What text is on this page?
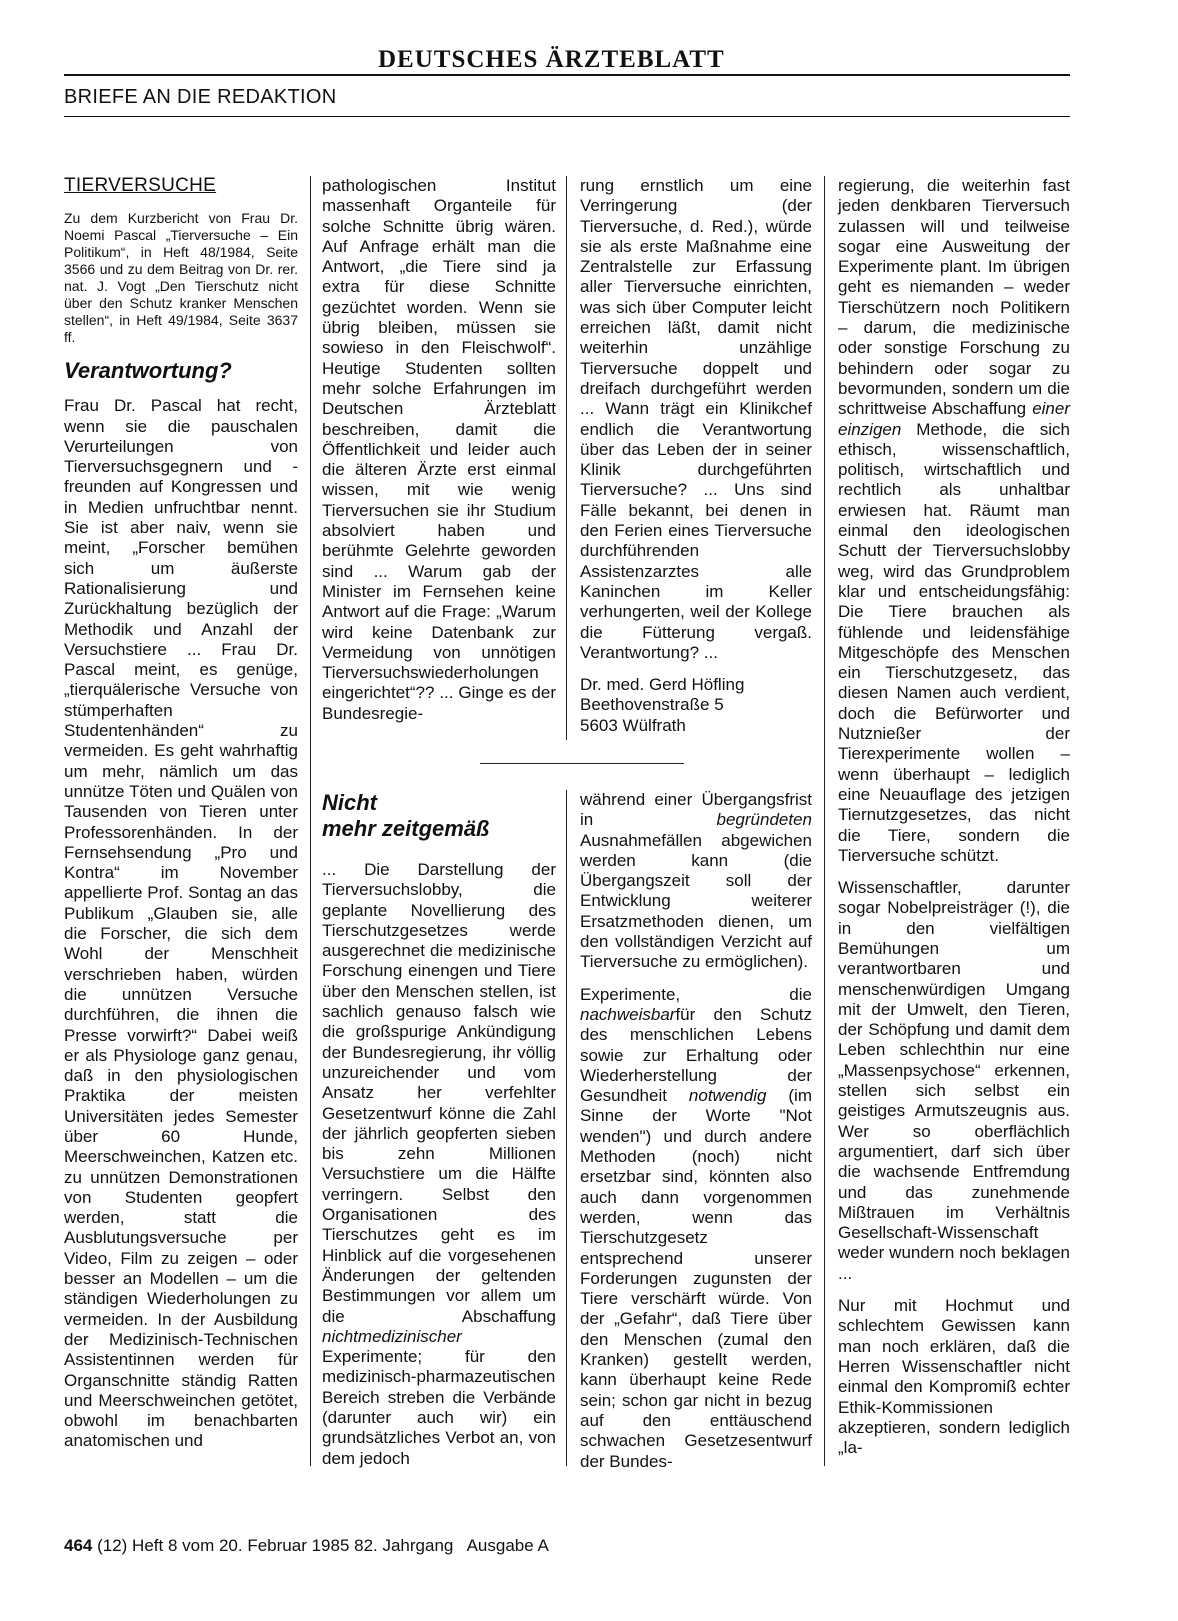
DEUTSCHES ÄRZTEBLATT
BRIEFE AN DIE REDAKTION
TIERVERSUCHE

Zu dem Kurzbericht von Frau Dr. Noemi Pascal „Tierversuche – Ein Politikum“, in Heft 48/1984, Seite 3566 und zu dem Beitrag von Dr. rer. nat. J. Vogt „Den Tierschutz nicht über den Schutz kranker Menschen stellen“, in Heft 49/1984, Seite 3637 ff.

Verantwortung?

Frau Dr. Pascal hat recht, wenn sie die pauschalen Verurteilungen von Tierversuchsgegnern und -freunden auf Kongressen und in Medien unfruchtbar nennt. Sie ist aber naiv, wenn sie meint, „Forscher bemühen sich um äußerste Rationalisierung und Zurückhaltung bezüglich der Methodik und Anzahl der Versuchstiere ... Frau Dr. Pascal meint, es genüge, „tierquälerische Versuche von stümperhaften Studentenhänden“ zu vermeiden. Es geht wahrhaftig um mehr, nämlich um das unnütze Töten und Quälen von Tausenden von Tieren unter Professorenhänden. In der Fernsehsendung „Pro und Kontra“ im November appellierte Prof. Sontag an das Publikum „Glauben sie, alle die Forscher, die sich dem Wohl der Menschheit verschrieben haben, würden die unnützen Versuche durchführen, die ihnen die Presse vorwirft?“ Dabei weiß er als Physiologe ganz genau, daß in den physiologischen Praktika der meisten Universitäten jedes Semester über 60 Hunde, Meerschweinchen, Katzen etc. zu unnützen Demonstrationen von Studenten geopfert werden, statt die Ausblutungsversuche per Video, Film zu zeigen – oder besser an Modellen – um die ständigen Wiederholungen zu vermeiden. In der Ausbildung der Medizinisch-Technischen Assistentinnen werden für Organschnitte ständig Ratten und Meerschweinchen getötet, obwohl im benachbarten anatomischen und

pathologischen Institut massenhaft Organteile für solche Schnitte übrig wären. Auf Anfrage erhält man die Antwort, „die Tiere sind ja extra für diese Schnitte gezüchtet worden. Wenn sie übrig bleiben, müssen sie sowieso in den Fleischwolf“. Heutige Studenten sollten mehr solche Erfahrungen im Deutschen Ärzteblatt beschreiben, damit die Öffentlichkeit und leider auch die älteren Ärzte erst einmal wissen, mit wie wenig Tierversuchen sie ihr Studium absolviert haben und berühmte Gelehrte geworden sind ... Warum gab der Minister im Fernsehen keine Antwort auf die Frage: „Warum wird keine Datenbank zur Vermeidung von unnötigen Tierversuchswiederholungen eingerichtet“?? ... Ginge es der Bundesregie-

rung ernstlich um eine Verringerung (der Tierversuche, d. Red.), würde sie als erste Maßnahme eine Zentralstelle zur Erfassung aller Tierversuche einrichten, was sich über Computer leicht erreichen läßt, damit nicht weiterhin unzählige Tierversuche doppelt und dreifach durchgeführt werden ... Wann trägt ein Klinikchef endlich die Verantwortung über das Leben der in seiner Klinik durchgeführten Tierversuche? ... Uns sind Fälle bekannt, bei denen in den Ferien eines Tierversuche durchführenden Assistenzarztes alle Kaninchen im Keller verhungerten, weil der Kollege die Fütterung vergaß. Verantwortung? ...

Dr. med. Gerd Höfling
Beethovenstraße 5
5603 Wülfrath
Nicht
mehr zeitgemäß

... Die Darstellung der Tierversuchslobby, die geplante Novellierung des Tierschutzgesetzes werde ausgerechnet die medizinische Forschung einengen und Tiere über den Menschen stellen, ist sachlich genauso falsch wie die großspurige Ankündigung der Bundesregierung, ihr völlig unzureichender und vom Ansatz her verfehlter Gesetzentwurf könne die Zahl der jährlich geopferten sieben bis zehn Millionen Versuchstiere um die Hälfte verringern. Selbst den Organisationen des Tierschutzes geht es im Hinblick auf die vorgesehenen Änderungen der geltenden Bestimmungen vor allem um die Abschaffung nichtmedizinischer Experimente; für den medizinisch-pharmazeutischen Bereich streben die Verbände (darunter auch wir) ein grundsätzliches Verbot an, von dem jedoch

während einer Übergangsfrist in begründeten Ausnahmefällen abgewichen werden kann (die Übergangszeit soll der Entwicklung weiterer Ersatzmethoden dienen, um den vollständigen Verzicht auf Tierversuche zu ermöglichen).

Experimente, die nachweisbarfür den Schutz des menschlichen Lebens sowie zur Erhaltung oder Wiederherstellung der Gesundheit notwendig (im Sinne der Worte "Not wenden") und durch andere Methoden (noch) nicht ersetzbar sind, könnten also auch dann vorgenommen werden, wenn das Tierschutzgesetz entsprechend unserer Forderungen zugunsten der Tiere verschärft würde. Von der „Gefahr“, daß Tiere über den Menschen (zumal den Kranken) gestellt werden, kann überhaupt keine Rede sein; schon gar nicht in bezug auf den enttäuschend schwachen Gesetzesentwurf der Bundes-

regierung, die weiterhin fast jeden denkbaren Tierversuch zulassen will und teilweise sogar eine Ausweitung der Experimente plant. Im übrigen geht es niemanden – weder Tierschützern noch Politikern – darum, die medizinische oder sonstige Forschung zu behindern oder sogar zu bevormunden, sondern um die schrittweise Abschaffung einer einzigen Methode, die sich ethisch, wissenschaftlich, politisch, wirtschaftlich und rechtlich als unhaltbar erwiesen hat. Räumt man einmal den ideologischen Schutt der Tierversuchslobby weg, wird das Grundproblem klar und entscheidungsfähig: Die Tiere brauchen als fühlende und leidensfähige Mitgeschöpfe des Menschen ein Tierschutzgesetz, das diesen Namen auch verdient, doch die Befürworter und Nutznießer der Tierexperimente wollen – wenn überhaupt – lediglich eine Neuauflage des jetzigen Tiernutzgesetzes, das nicht die Tiere, sondern die Tierversuche schützt.

Wissenschaftler, darunter sogar Nobelpreisträger (!), die in den vielfältigen Bemühungen um verantwortbaren und menschenwürdigen Umgang mit der Umwelt, den Tieren, der Schöpfung und damit dem Leben schlechthin nur eine „Massenpsychose“ erkennen, stellen sich selbst ein geistiges Armutszeugnis aus. Wer so oberflächlich argumentiert, darf sich über die wachsende Entfremdung und das zunehmende Mißtrauen im Verhältnis Gesellschaft-Wissenschaft weder wundern noch beklagen ...

Nur mit Hochmut und schlechtem Gewissen kann man noch erklären, daß die Herren Wissenschaftler nicht einmal den Kompromiß echter Ethik-Kommissionen akzeptieren, sondern lediglich „la-

464 (12) Heft 8 vom 20. Februar 1985 82. Jahrgang   Ausgabe A
